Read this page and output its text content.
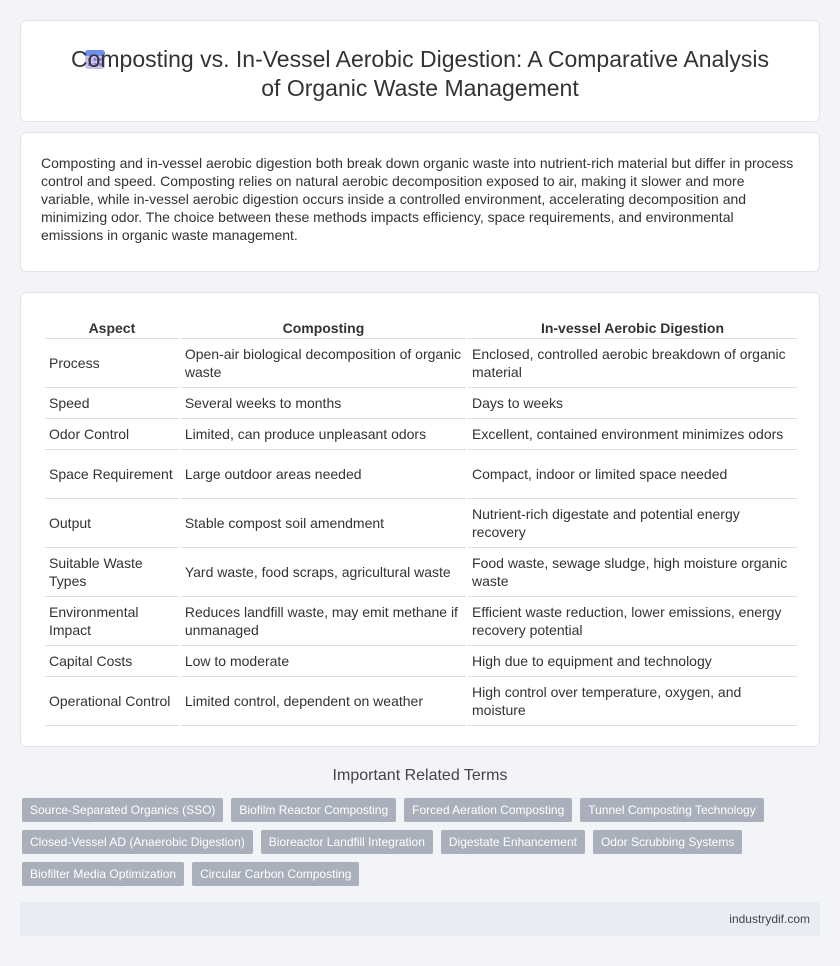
Composting vs. In-Vessel Aerobic Digestion: A Comparative Analysis of Organic Waste Management

Composting and in-vessel aerobic digestion both break down organic waste into nutrient-rich material but differ in process control and speed. Composting relies on natural aerobic decomposition exposed to air, making it slower and more variable, while in-vessel aerobic digestion occurs inside a controlled environment, accelerating decomposition and minimizing odor. The choice between these methods impacts efficiency, space requirements, and environmental emissions in organic waste management.

Aspect	Composting	In-vessel Aerobic Digestion
Process	Open-air biological decomposition of organic waste	Enclosed, controlled aerobic breakdown of organic material
Speed	Several weeks to months	Days to weeks
Odor Control	Limited, can produce unpleasant odors	Excellent, contained environment minimizes odors
Space Requirement	Large outdoor areas needed	Compact, indoor or limited space needed
Output	Stable compost soil amendment	Nutrient-rich digestate and potential energy recovery
Suitable Waste Types	Yard waste, food scraps, agricultural waste	Food waste, sewage sludge, high moisture organic waste
Environmental Impact	Reduces landfill waste, may emit methane if unmanaged	Efficient waste reduction, lower emissions, energy recovery potential
Capital Costs	Low to moderate	High due to equipment and technology
Operational Control	Limited control, dependent on weather	High control over temperature, oxygen, and moisture
Important Related Terms
Source-Separated Organics (SSO)	Biofilm Reactor Composting	Forced Aeration Composting	Tunnel Composting Technology
Closed-Vessel AD (Anaerobic Digestion)	Bioreactor Landfill Integration	Digestate Enhancement	Odor Scrubbing Systems
Biofilter Media Optimization	Circular Carbon Composting
industrydif.com
